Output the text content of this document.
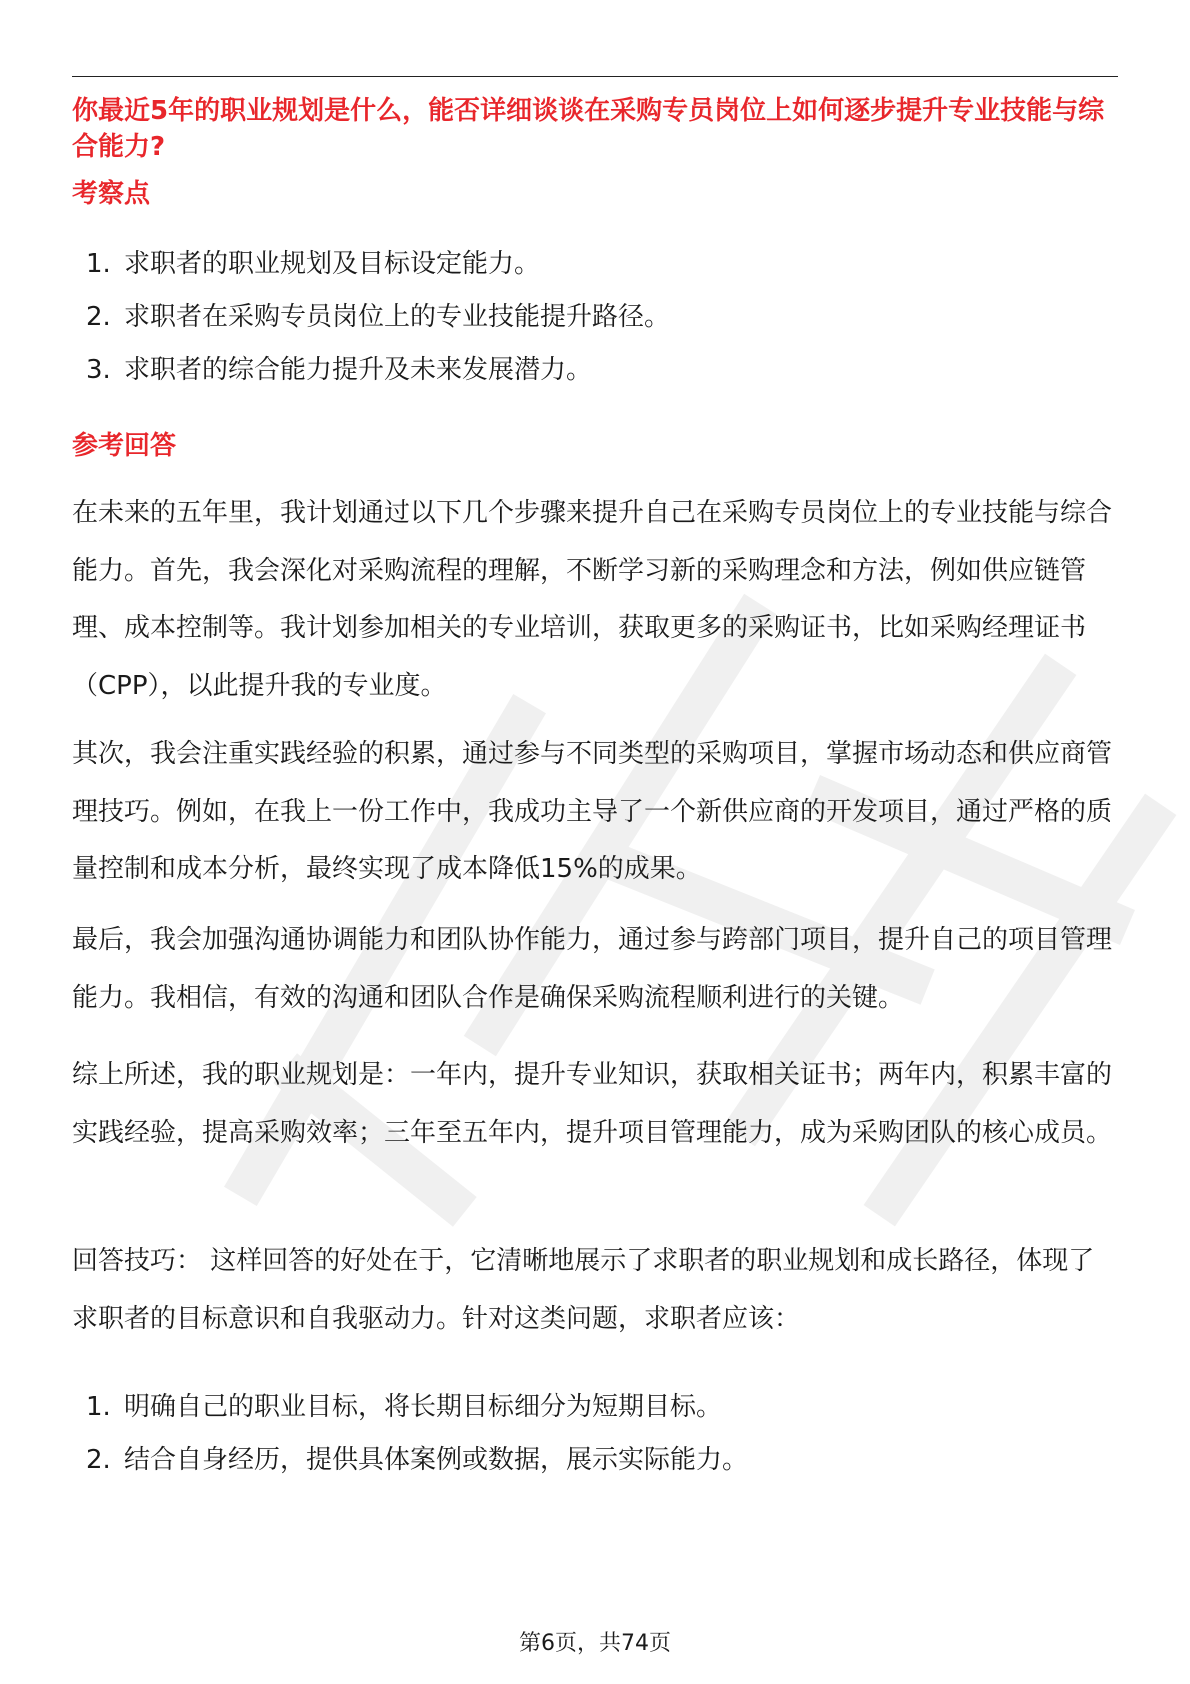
你最近5年的职业规划是什么，能否详细谈谈在采购专员岗位上如何逐步提升专业技能与综合能力?
考察点
1. 求职者的职业规划及目标设定能力。
2. 求职者在采购专员岗位上的专业技能提升路径。
3. 求职者的综合能力提升及未来发展潜力。
参考回答

在未来的五年里，我计划通过以下几个步骤来提升自己在采购专员岗位上的专业技能与综合能力。首先，我会深化对采购流程的理解，不断学习新的采购理念和方法，例如供应链管理、成本控制等。我计划参加相关的专业培训，获取更多的采购证书，比如采购经理证书（CPP），以此提升我的专业度。

其次，我会注重实践经验的积累，通过参与不同类型的采购项目，掌握市场动态和供应商管理技巧。例如，在我上一份工作中，我成功主导了一个新供应商的开发项目，通过严格的质量控制和成本分析，最终实现了成本降低15%的成果。

最后，我会加强沟通协调能力和团队协作能力，通过参与跨部门项目，提升自己的项目管理能力。我相信，有效的沟通和团队合作是确保采购流程顺利进行的关键。

综上所述，我的职业规划是：一年内，提升专业知识，获取相关证书；两年内，积累丰富的实践经验，提高采购效率；三年至五年内，提升项目管理能力，成为采购团队的核心成员。

回答技巧： 这样回答的好处在于，它清晰地展示了求职者的职业规划和成长路径，体现了求职者的目标意识和自我驱动力。针对这类问题，求职者应该：

1. 明确自己的职业目标，将长期目标细分为短期目标。
2. 结合自身经历，提供具体案例或数据，展示实际能力。
第6页，共74页
